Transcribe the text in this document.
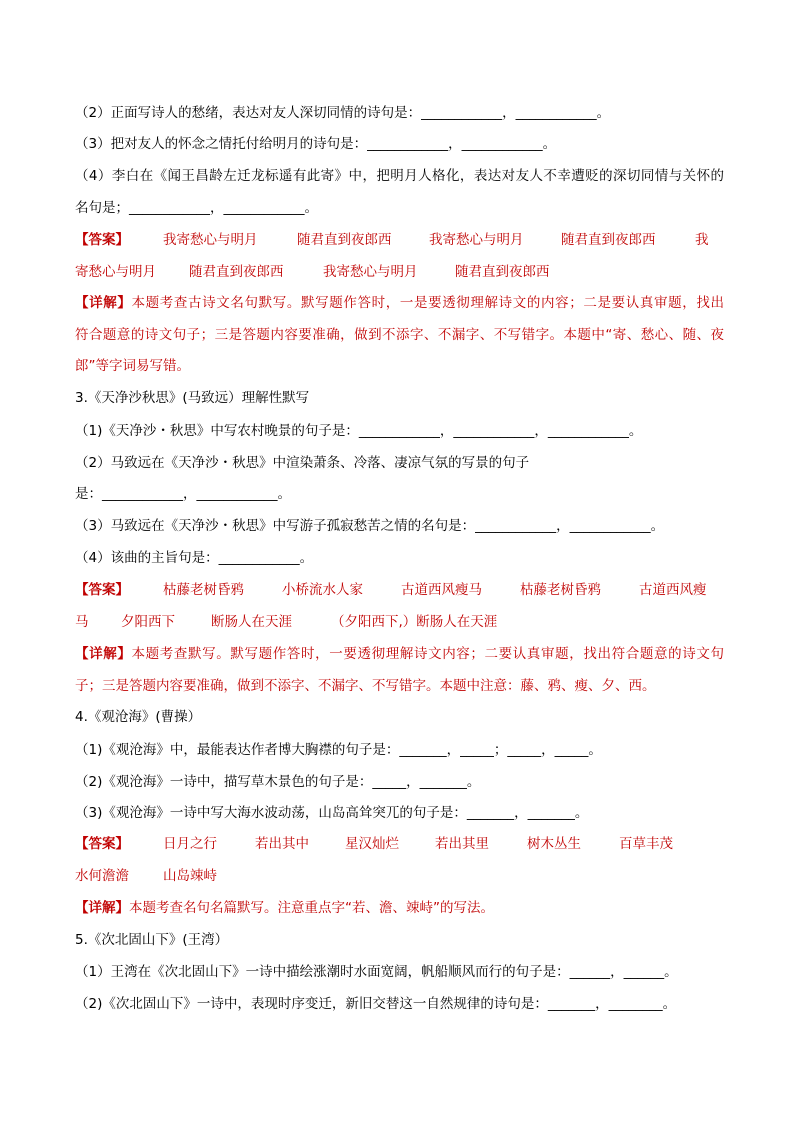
（2）正面写诗人的愁绪，表达对友人深切同情的诗句是：____________，____________。
（3）把对友人的怀念之情托付给明月的诗句是：____________，____________。
（4）李白在《闻王昌龄左迁龙标遥有此寄》中，把明月人格化，表达对友人不幸遭贬的深切同情与关怀的
名句是；____________，____________。
【答案】	我寄愁心与明月	随君直到夜郎西	我寄愁心与明月	随君直到夜郎西	我
寄愁心与明月 随君直到夜郎西	我寄愁心与明月	随君直到夜郎西
【详解】本题考查古诗文名句默写。默写题作答时，一是要透彻理解诗文的内容；二是要认真审题，找出
符合题意的诗文句子；三是答题内容要准确，做到不添字、不漏字、不写错字。本题中“寄、愁心、随、夜
郎”等字词易写错。
3.《天净沙秋思》(马致远）理解性默写
（1)《天净沙・秋思》中写农村晚景的句子是：____________，____________，____________。
（2）马致远在《天净沙・秋思》中渲染萧条、冷落、凄凉气氛的写景的句子
是：____________，____________。
（3）马致远在《天净沙・秋思》中写游子孤寂愁苦之情的名句是：____________，____________。
（4）该曲的主旨句是：____________。
【答案】	枯藤老树昏鸦	小桥流水人家	古道西风瘦马	枯藤老树昏鸦	古道西风瘦
马 夕阳西下	断肠人在天涯	（夕阳西下,）断肠人在天涯
【详解】本题考查默写。默写题作答时，一要透彻理解诗文内容；二要认真审题，找出符合题意的诗文句
子；三是答题内容要准确，做到不添字、不漏字、不写错字。本题中注意：藤、鸦、瘦、夕、西。
4.《观沧海》(曹操）
（1)《观沧海》中，最能表达作者博大胸襟的句子是：_______，_____；_____，_____。
（2)《观沧海》一诗中，描写草木景色的句子是：_____，_______。
（3)《观沧海》一诗中写大海水波动荡，山岛高耸突兀的句子是：_______，_______。
【答案】	日月之行	若出其中	星汉灿烂	若出其里	树木丛生	百草丰茂
水何澹澹	山岛竦峙
【详解】本题考查名句名篇默写。注意重点字“若、澹、竦峙”的写法。
5.《次北固山下》(王湾）
（1）王湾在《次北固山下》一诗中描绘涨潮时水面宽阔，帆船顺风而行的句子是：______，______。
（2)《次北固山下》一诗中，表现时序变迁，新旧交替这一自然规律的诗句是：_______，________。
